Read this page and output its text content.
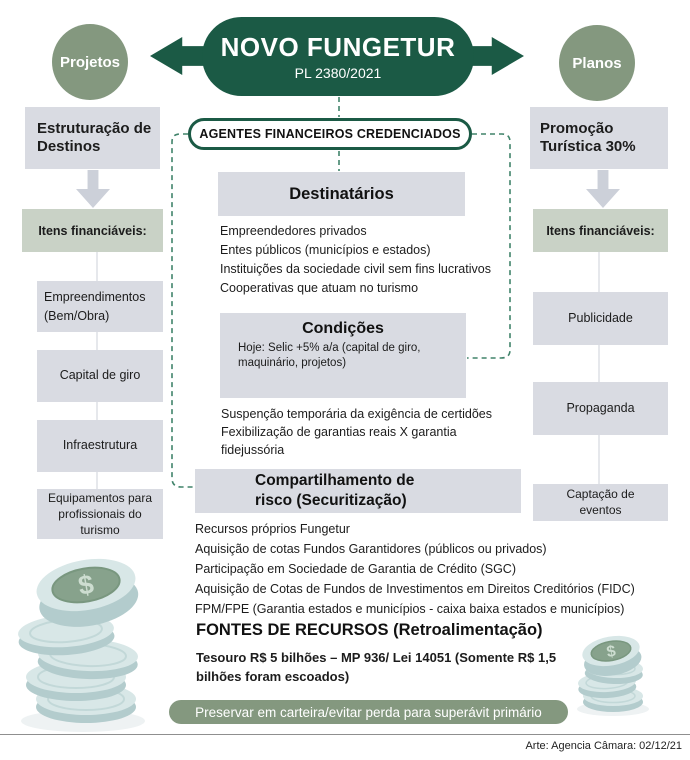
NOVO FUNGETUR
PL 2380/2021
Projetos	Planos
Estruturação de Destinos
Itens financiáveis:
Empreendimentos (Bem/Obra)
Capital de giro
Infraestrutura
Equipamentos para profissionais do turismo
Promoção Turística 30%
Itens financiáveis:
Publicidade
Propaganda
Captação de eventos
AGENTES FINANCEIROS CREDENCIADOS
Destinatários
Empreendedores privados
Entes públicos (municípios e estados)
Instituições da sociedade civil sem fins lucrativos
Cooperativas que atuam no turismo
Condições
Hoje: Selic +5% a/a (capital de giro, maquinário, projetos)
Suspenção temporária da exigência de certidões
Fexibilização de garantias reais X garantia fidejussória
Compartilhamento de
risco (Securitização)
Recursos próprios Fungetur
Aquisição de cotas Fundos Garantidores (públicos ou privados)
Participação em Sociedade de Garantia de Crédito (SGC)
Aquisição de Cotas de Fundos de Investimentos em Direitos Creditórios (FIDC)
FPM/FPE (Garantia estados e municípios - caixa baixa estados e municípios)
FONTES DE RECURSOS (Retroalimentação)
Tesouro R$ 5 bilhões – MP 936/ Lei 14051 (Somente R$ 1,5 bilhões foram escoados)
Preservar em carteira/evitar perda para superávit primário
$
$
Arte: Agencia Câmara: 02/12/21
